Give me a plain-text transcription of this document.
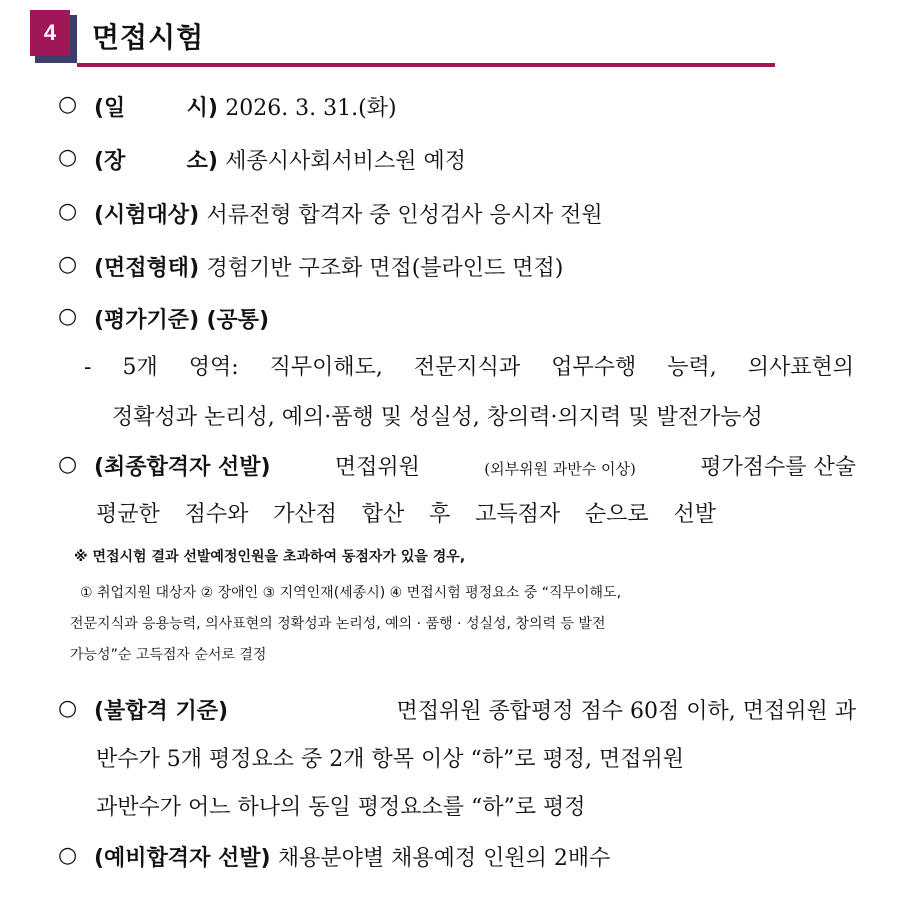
4	면접시험
○ (일        시) 2026. 3. 31.(화)
○ (장        소) 세종시사회서비스원 예정
○ (시험대상) 서류전형 합격자 중 인성검사 응시자 전원
○ (면접형태) 경험기반 구조화 면접(블라인드 면접)
○ (평가기준) (공통)
- 5개 영역: 직무이해도, 전문지식과 업무수행 능력, 의사표현의
정확성과 논리성, 예의·품행 및 성실성, 창의력·의지력 및 발전가능성
○ (최종합격자 선발)	면접위원	(외부위원 과반수 이상)	평가점수를 산술
평균한 점수와 가산점 합산 후 고득점자 순으로 선발
※ 면접시험 결과 선발예정인원을 초과하여 동점자가 있을 경우,
① 취업지원 대상자 ② 장애인 ③ 지역인재(세종시) ④ 면접시험 평정요소 중 “직무이해도,
전문지식과 응용능력, 의사표현의 정확성과 논리성, 예의 · 품행 · 성실성, 창의력 등 발전
가능성”순 고득점자 순서로 결정
○ (불합격 기준)	면접위원 종합평정 점수 60점 이하, 면접위원 과
반수가 5개 평정요소 중 2개 항목 이상 “하”로 평정, 면접위원
과반수가 어느 하나의 동일 평정요소를 “하”로 평정
○ (예비합격자 선발) 채용분야별 채용예정 인원의 2배수
